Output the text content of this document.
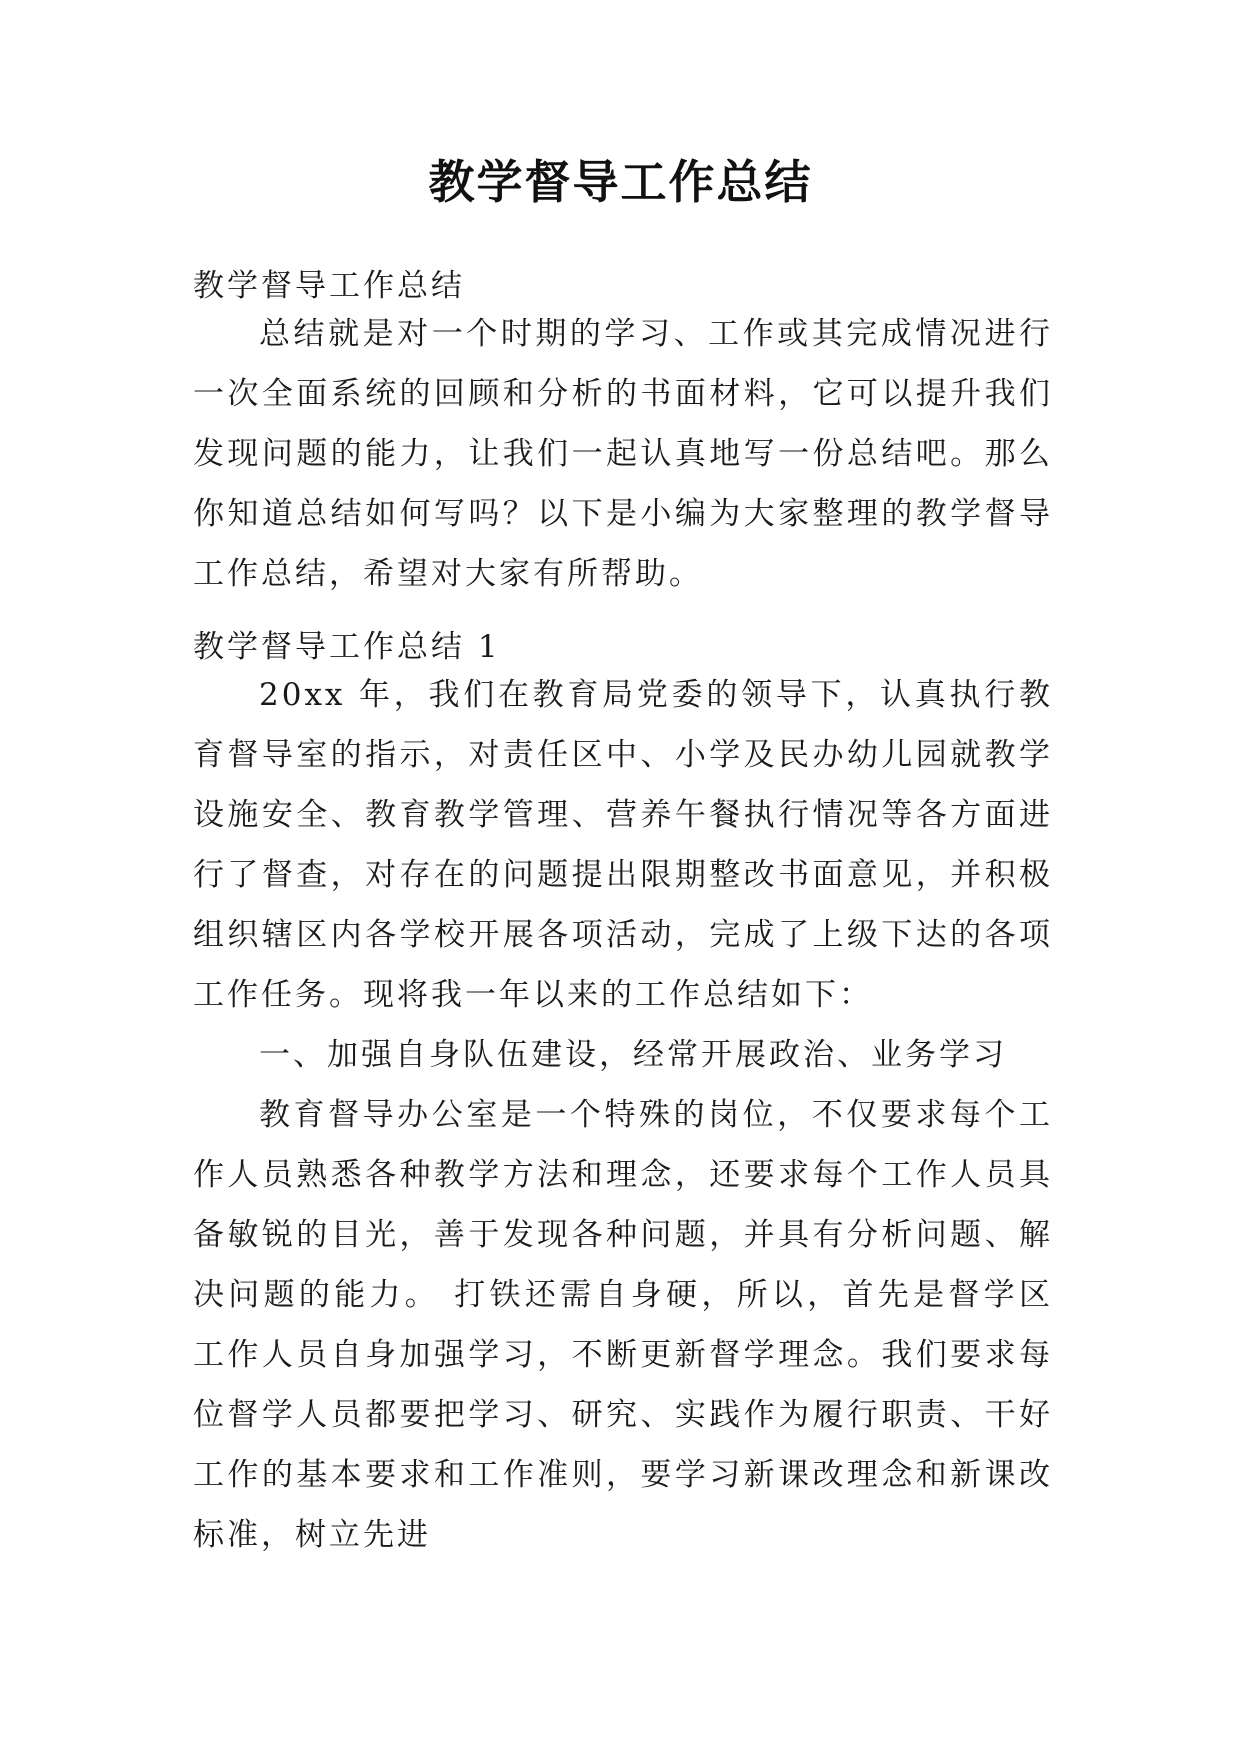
教学督导工作总结
教学督导工作总结

总结就是对一个时期的学习、工作或其完成情况进行一次全面系统的回顾和分析的书面材料，它可以提升我们发现问题的能力，让我们一起认真地写一份总结吧。那么你知道总结如何写吗？以下是小编为大家整理的教学督导工作总结，希望对大家有所帮助。

教学督导工作总结 1

20xx 年，我们在教育局党委的领导下，认真执行教育督导室的指示，对责任区中、小学及民办幼儿园就教学设施安全、教育教学管理、营养午餐执行情况等各方面进行了督查，对存在的问题提出限期整改书面意见，并积极组织辖区内各学校开展各项活动，完成了上级下达的各项工作任务。现将我一年以来的工作总结如下：

一、加强自身队伍建设，经常开展政治、业务学习

教育督导办公室是一个特殊的岗位，不仅要求每个工作人员熟悉各种教学方法和理念，还要求每个工作人员具备敏锐的目光，善于发现各种问题，并具有分析问题、解决问题的能力。 打铁还需自身硬，所以，首先是督学区工作人员自身加强学习，不断更新督学理念。我们要求每位督学人员都要把学习、研究、实践作为履行职责、干好工作的基本要求和工作准则，要学习新课改理念和新课改标准，树立先进
